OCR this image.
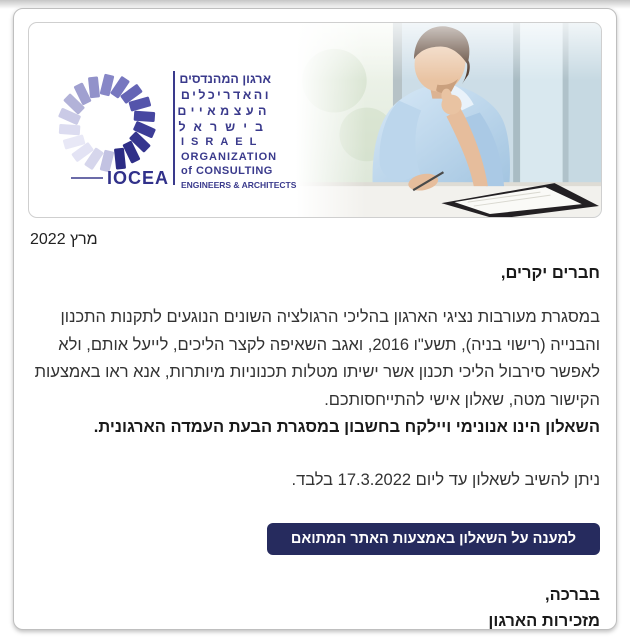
IOCEA
ארגון המהנדסים
והאדריכלים
העצמאיים
בישראל
ISRAEL
ORGANIZATION
of CONSULTING
ENGINEERS & ARCHITECTS
מרץ 2022
חברים יקרים,
במסגרת מעורבות נציגי הארגון בהליכי הרגולציה השונים הנוגעים לתקנות התכנון והבנייה (רישוי בניה), תשע"ו 2016, ואגב השאיפה לקצר הליכים, לייעל אותם, ולא לאפשר סירבול הליכי תכנון אשר ישיתו מטלות תכנוניות מיותרות, אנא ראו באמצעות הקישור מטה, שאלון אישי להתייחסותכם.
השאלון הינו אנונימי ויילקח בחשבון במסגרת הבעת העמדה הארגונית.
ניתן להשיב לשאלון עד ליום 17.3.2022 בלבד.
למענה על השאלון באמצעות האתר המתואם
בברכה,
מזכירות הארגון
